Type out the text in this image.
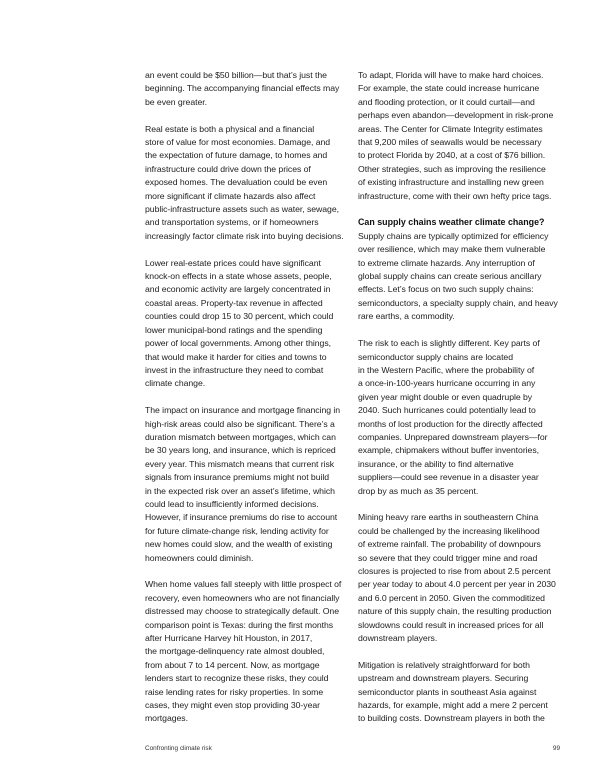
an event could be $50 billion—but that’s just the
beginning. The accompanying financial effects may
be even greater.

Real estate is both a physical and a financial
store of value for most economies. Damage, and
the expectation of future damage, to homes and
infrastructure could drive down the prices of
exposed homes. The devaluation could be even
more significant if climate hazards also affect
public-infrastructure assets such as water, sewage,
and transportation systems, or if homeowners
increasingly factor climate risk into buying decisions.

Lower real-estate prices could have significant
knock-on effects in a state whose assets, people,
and economic activity are largely concentrated in
coastal areas. Property-tax revenue in affected
counties could drop 15 to 30 percent, which could
lower municipal-bond ratings and the spending
power of local governments. Among other things,
that would make it harder for cities and towns to
invest in the infrastructure they need to combat
climate change.

The impact on insurance and mortgage financing in
high-risk areas could also be significant. There’s a
duration mismatch between mortgages, which can
be 30 years long, and insurance, which is repriced
every year. This mismatch means that current risk
signals from insurance premiums might not build
in the expected risk over an asset’s lifetime, which
could lead to insufficiently informed decisions.
However, if insurance premiums do rise to account
for future climate-change risk, lending activity for
new homes could slow, and the wealth of existing
homeowners could diminish.

When home values fall steeply with little prospect of
recovery, even homeowners who are not financially
distressed may choose to strategically default. One
comparison point is Texas: during the first months
after Hurricane Harvey hit Houston, in 2017,
the mortgage-delinquency rate almost doubled,
from about 7 to 14 percent. Now, as mortgage
lenders start to recognize these risks, they could
raise lending rates for risky properties. In some
cases, they might even stop providing 30-year
mortgages.

To adapt, Florida will have to make hard choices.
For example, the state could increase hurricane
and flooding protection, or it could curtail—and
perhaps even abandon—development in risk-prone
areas. The Center for Climate Integrity estimates
that 9,200 miles of seawalls would be necessary
to protect Florida by 2040, at a cost of $76 billion.
Other strategies, such as improving the resilience
of existing infrastructure and installing new green
infrastructure, come with their own hefty price tags.

Can supply chains weather climate change?

Supply chains are typically optimized for efficiency
over resilience, which may make them vulnerable
to extreme climate hazards. Any interruption of
global supply chains can create serious ancillary
effects. Let’s focus on two such supply chains:
semiconductors, a specialty supply chain, and heavy
rare earths, a commodity.

The risk to each is slightly different. Key parts of
semiconductor supply chains are located
in the Western Pacific, where the probability of
a once-in-100-years hurricane occurring in any
given year might double or even quadruple by
2040. Such hurricanes could potentially lead to
months of lost production for the directly affected
companies. Unprepared downstream players—for
example, chipmakers without buffer inventories,
insurance, or the ability to find alternative
suppliers—could see revenue in a disaster year
drop by as much as 35 percent.

Mining heavy rare earths in southeastern China
could be challenged by the increasing likelihood
of extreme rainfall. The probability of downpours
so severe that they could trigger mine and road
closures is projected to rise from about 2.5 percent
per year today to about 4.0 percent per year in 2030
and 6.0 percent in 2050. Given the commoditized
nature of this supply chain, the resulting production
slowdowns could result in increased prices for all
downstream players.

Mitigation is relatively straightforward for both
upstream and downstream players. Securing
semiconductor plants in southeast Asia against
hazards, for example, might add a mere 2 percent
to building costs. Downstream players in both the

Confronting climate risk	99
